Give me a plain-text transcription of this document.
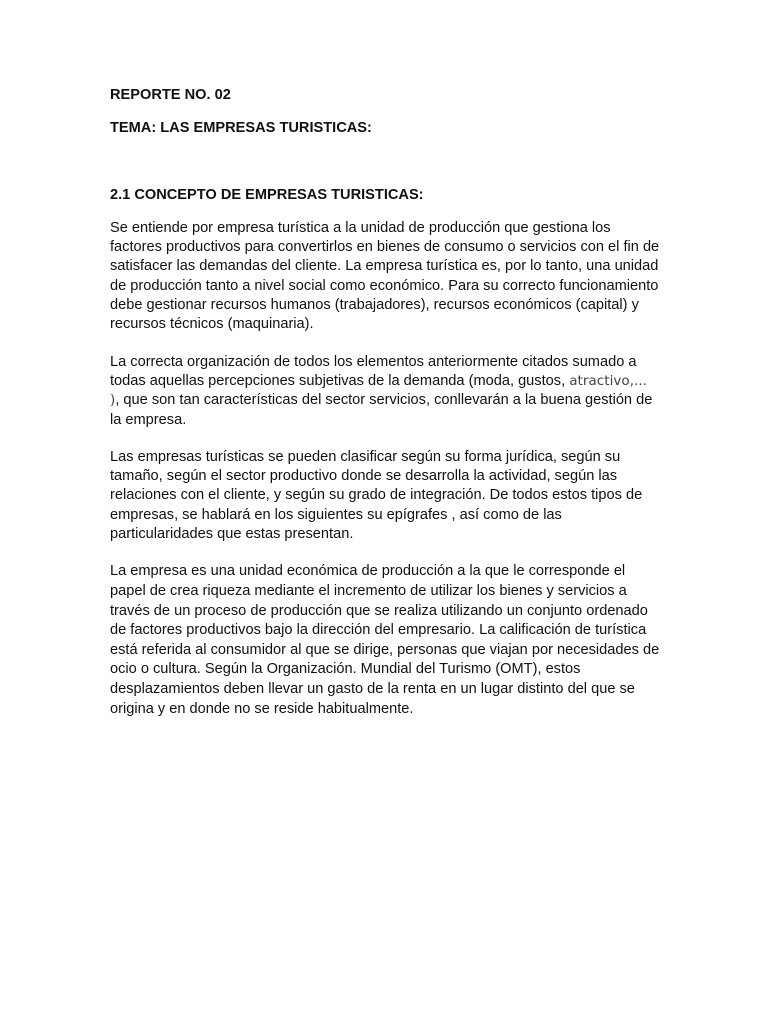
REPORTE NO. 02

TEMA: LAS EMPRESAS TURISTICAS:

2.1 CONCEPTO DE EMPRESAS TURISTICAS:

Se entiende por empresa turística a la unidad de producción que gestiona los factores productivos para convertirlos en bienes de consumo o servicios con el fin de satisfacer las demandas del cliente. La empresa turística es, por lo tanto, una unidad de producción tanto a nivel social como económico. Para su correcto funcionamiento debe gestionar recursos humanos (trabajadores), recursos económicos (capital) y recursos técnicos (maquinaria).

La correcta organización de todos los elementos anteriormente citados sumado a todas aquellas percepciones subjetivas de la demanda (moda, gustos, atractivo,... ), que son tan características del sector servicios, conllevarán a la buena gestión de la empresa.

Las empresas turísticas se pueden clasificar según su forma jurídica, según su tamaño, según el sector productivo donde se desarrolla la actividad, según las relaciones con el cliente, y según su grado de integración. De todos estos tipos de empresas, se hablará en los siguientes su epígrafes , así como de las particularidades que estas presentan.

La empresa es una unidad económica de producción a la que le corresponde el papel de crea riqueza mediante el incremento de utilizar los bienes y servicios a través de un proceso de producción que se realiza utilizando un conjunto ordenado de factores productivos bajo la dirección del empresario. La calificación de turística está referida al consumidor al que se dirige, personas que viajan por necesidades de ocio o cultura. Según la Organización. Mundial del Turismo (OMT), estos desplazamientos deben llevar un gasto de la renta en un lugar distinto del que se origina y en donde no se reside habitualmente.
